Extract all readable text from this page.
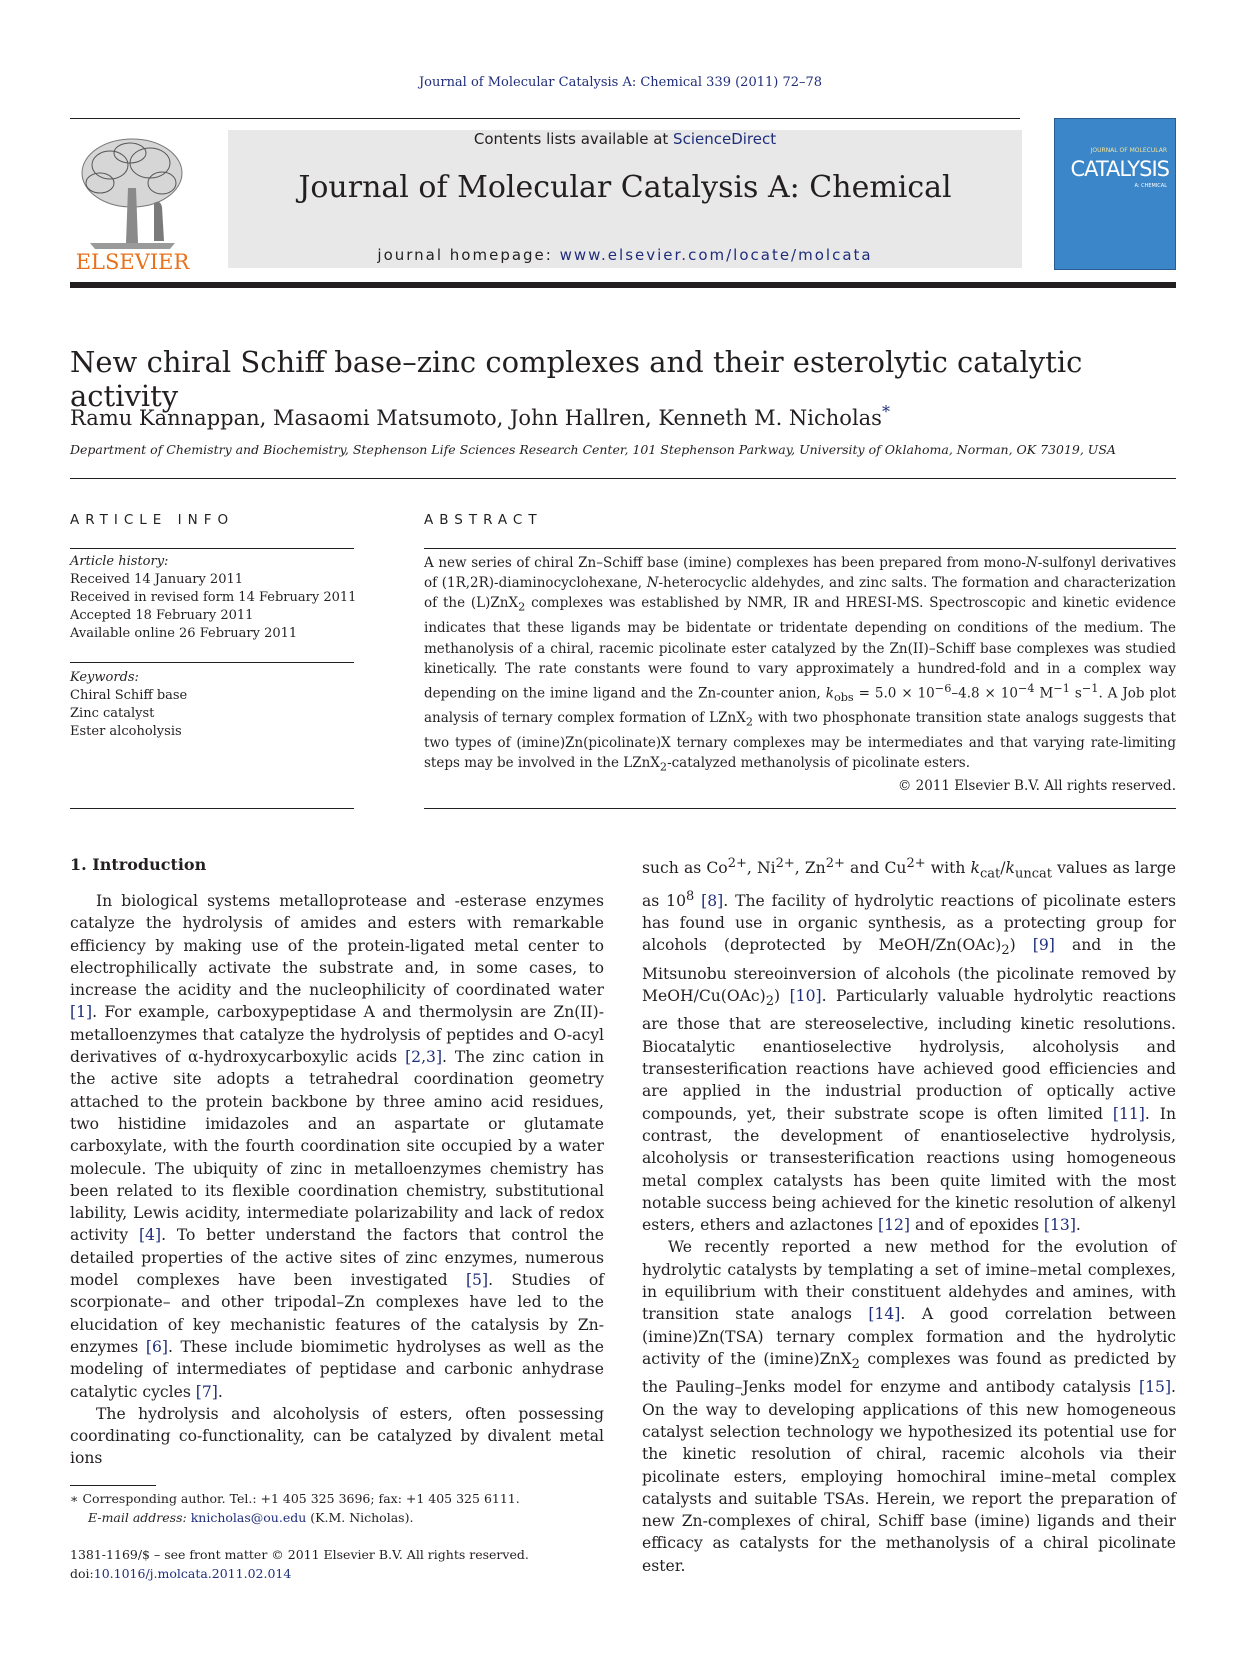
Journal of Molecular Catalysis A: Chemical 339 (2011) 72–78
ELSEVIER
Contents lists available at ScienceDirect
Journal of Molecular Catalysis A: Chemical
journal homepage: www.elsevier.com/locate/molcata
JOURNAL OF MOLECULAR
CATALYSIS
A: CHEMICAL
New chiral Schiff base–zinc complexes and their esterolytic catalytic activity
Ramu Kannappan, Masaomi Matsumoto, John Hallren, Kenneth M. Nicholas*
Department of Chemistry and Biochemistry, Stephenson Life Sciences Research Center, 101 Stephenson Parkway, University of Oklahoma, Norman, OK 73019, USA
ARTICLE INFO	ABSTRACT
Article history:
Received 14 January 2011
Received in revised form 14 February 2011
Accepted 18 February 2011
Available online 26 February 2011
Keywords:
Chiral Schiff base
Zinc catalyst
Ester alcoholysis
A new series of chiral Zn–Schiff base (imine) complexes has been prepared from mono-N-sulfonyl derivatives of (1R,2R)-diaminocyclohexane, N-heterocyclic aldehydes, and zinc salts. The formation and characterization of the (L)ZnX$_2$ complexes was established by NMR, IR and HRESI-MS. Spectroscopic and kinetic evidence indicates that these ligands may be bidentate or tridentate depending on conditions of the medium. The methanolysis of a chiral, racemic picolinate ester catalyzed by the Zn(II)–Schiff base complexes was studied kinetically. The rate constants were found to vary approximately a hundred-fold and in a complex way depending on the imine ligand and the Zn-counter anion, $k_{obs} = 5.0 \times 10^{-6}-4.8 \times 10^{-4}$ $M^{-1}$ $s^{-1}$. A Job plot analysis of ternary complex formation of LZnX$_2$ with two phosphonate transition state analogs suggests that two types of (imine)Zn(picolinate)X ternary complexes may be intermediates and that varying rate-limiting steps may be involved in the LZnX$_2$-catalyzed methanolysis of picolinate esters.
© 2011 Elsevier B.V. All rights reserved.
1. Introduction

In biological systems metalloprotease and -esterase enzymes catalyze the hydrolysis of amides and esters with remarkable efficiency by making use of the protein-ligated metal center to electrophilically activate the substrate and, in some cases, to increase the acidity and the nucleophilicity of coordinated water [1]. For example, carboxypeptidase A and thermolysin are Zn(II)-metalloenzymes that catalyze the hydrolysis of peptides and O-acyl derivatives of α-hydroxycarboxylic acids [2,3]. The zinc cation in the active site adopts a tetrahedral coordination geometry attached to the protein backbone by three amino acid residues, two histidine imidazoles and an aspartate or glutamate carboxylate, with the fourth coordination site occupied by a water molecule. The ubiquity of zinc in metalloenzymes chemistry has been related to its flexible coordination chemistry, substitutional lability, Lewis acidity, intermediate polarizability and lack of redox activity [4]. To better understand the factors that control the detailed properties of the active sites of zinc enzymes, numerous model complexes have been investigated [5]. Studies of scorpionate– and other tripodal–Zn complexes have led to the elucidation of key mechanistic features of the catalysis by Zn-enzymes [6]. These include biomimetic hydrolyses as well as the modeling of intermediates of peptidase and carbonic anhydrase catalytic cycles [7].

The hydrolysis and alcoholysis of esters, often possessing coordinating co-functionality, can be catalyzed by divalent metal ions

such as $Co^{2+}$, $Ni^{2+}$, $Zn^{2+}$ and $Cu^{2+}$ with $k_{cat}/k_{uncat}$ values as large as $10^8$ [8]. The facility of hydrolytic reactions of picolinate esters has found use in organic synthesis, as a protecting group for alcohols (deprotected by MeOH/$Zn(OAc)_2$) [9] and in the Mitsunobu stereoinversion of alcohols (the picolinate removed by MeOH/$Cu(OAc)_2$) [10]. Particularly valuable hydrolytic reactions are those that are stereoselective, including kinetic resolutions. Biocatalytic enantioselective hydrolysis, alcoholysis and transesterification reactions have achieved good efficiencies and are applied in the industrial production of optically active compounds, yet, their substrate scope is often limited [11]. In contrast, the development of enantioselective hydrolysis, alcoholysis or transesterification reactions using homogeneous metal complex catalysts has been quite limited with the most notable success being achieved for the kinetic resolution of alkenyl esters, ethers and azlactones [12] and of epoxides [13].

We recently reported a new method for the evolution of hydrolytic catalysts by templating a set of imine–metal complexes, in equilibrium with their constituent aldehydes and amines, with transition state analogs [14]. A good correlation between (imine)Zn(TSA) ternary complex formation and the hydrolytic activity of the (imine)ZnX$_2$ complexes was found as predicted by the Pauling–Jenks model for enzyme and antibody catalysis [15]. On the way to developing applications of this new homogeneous catalyst selection technology we hypothesized its potential use for the kinetic resolution of chiral, racemic alcohols via their picolinate esters, employing homochiral imine–metal complex catalysts and suitable TSAs. Herein, we report the preparation of new Zn-complexes of chiral, Schiff base (imine) ligands and their efficacy as catalysts for the methanolysis of a chiral picolinate ester.

∗ Corresponding author. Tel.: +1 405 325 3696; fax: +1 405 325 6111.
E-mail address: knicholas@ou.edu (K.M. Nicholas).
1381-1169/$ – see front matter © 2011 Elsevier B.V. All rights reserved.
doi:10.1016/j.molcata.2011.02.014
